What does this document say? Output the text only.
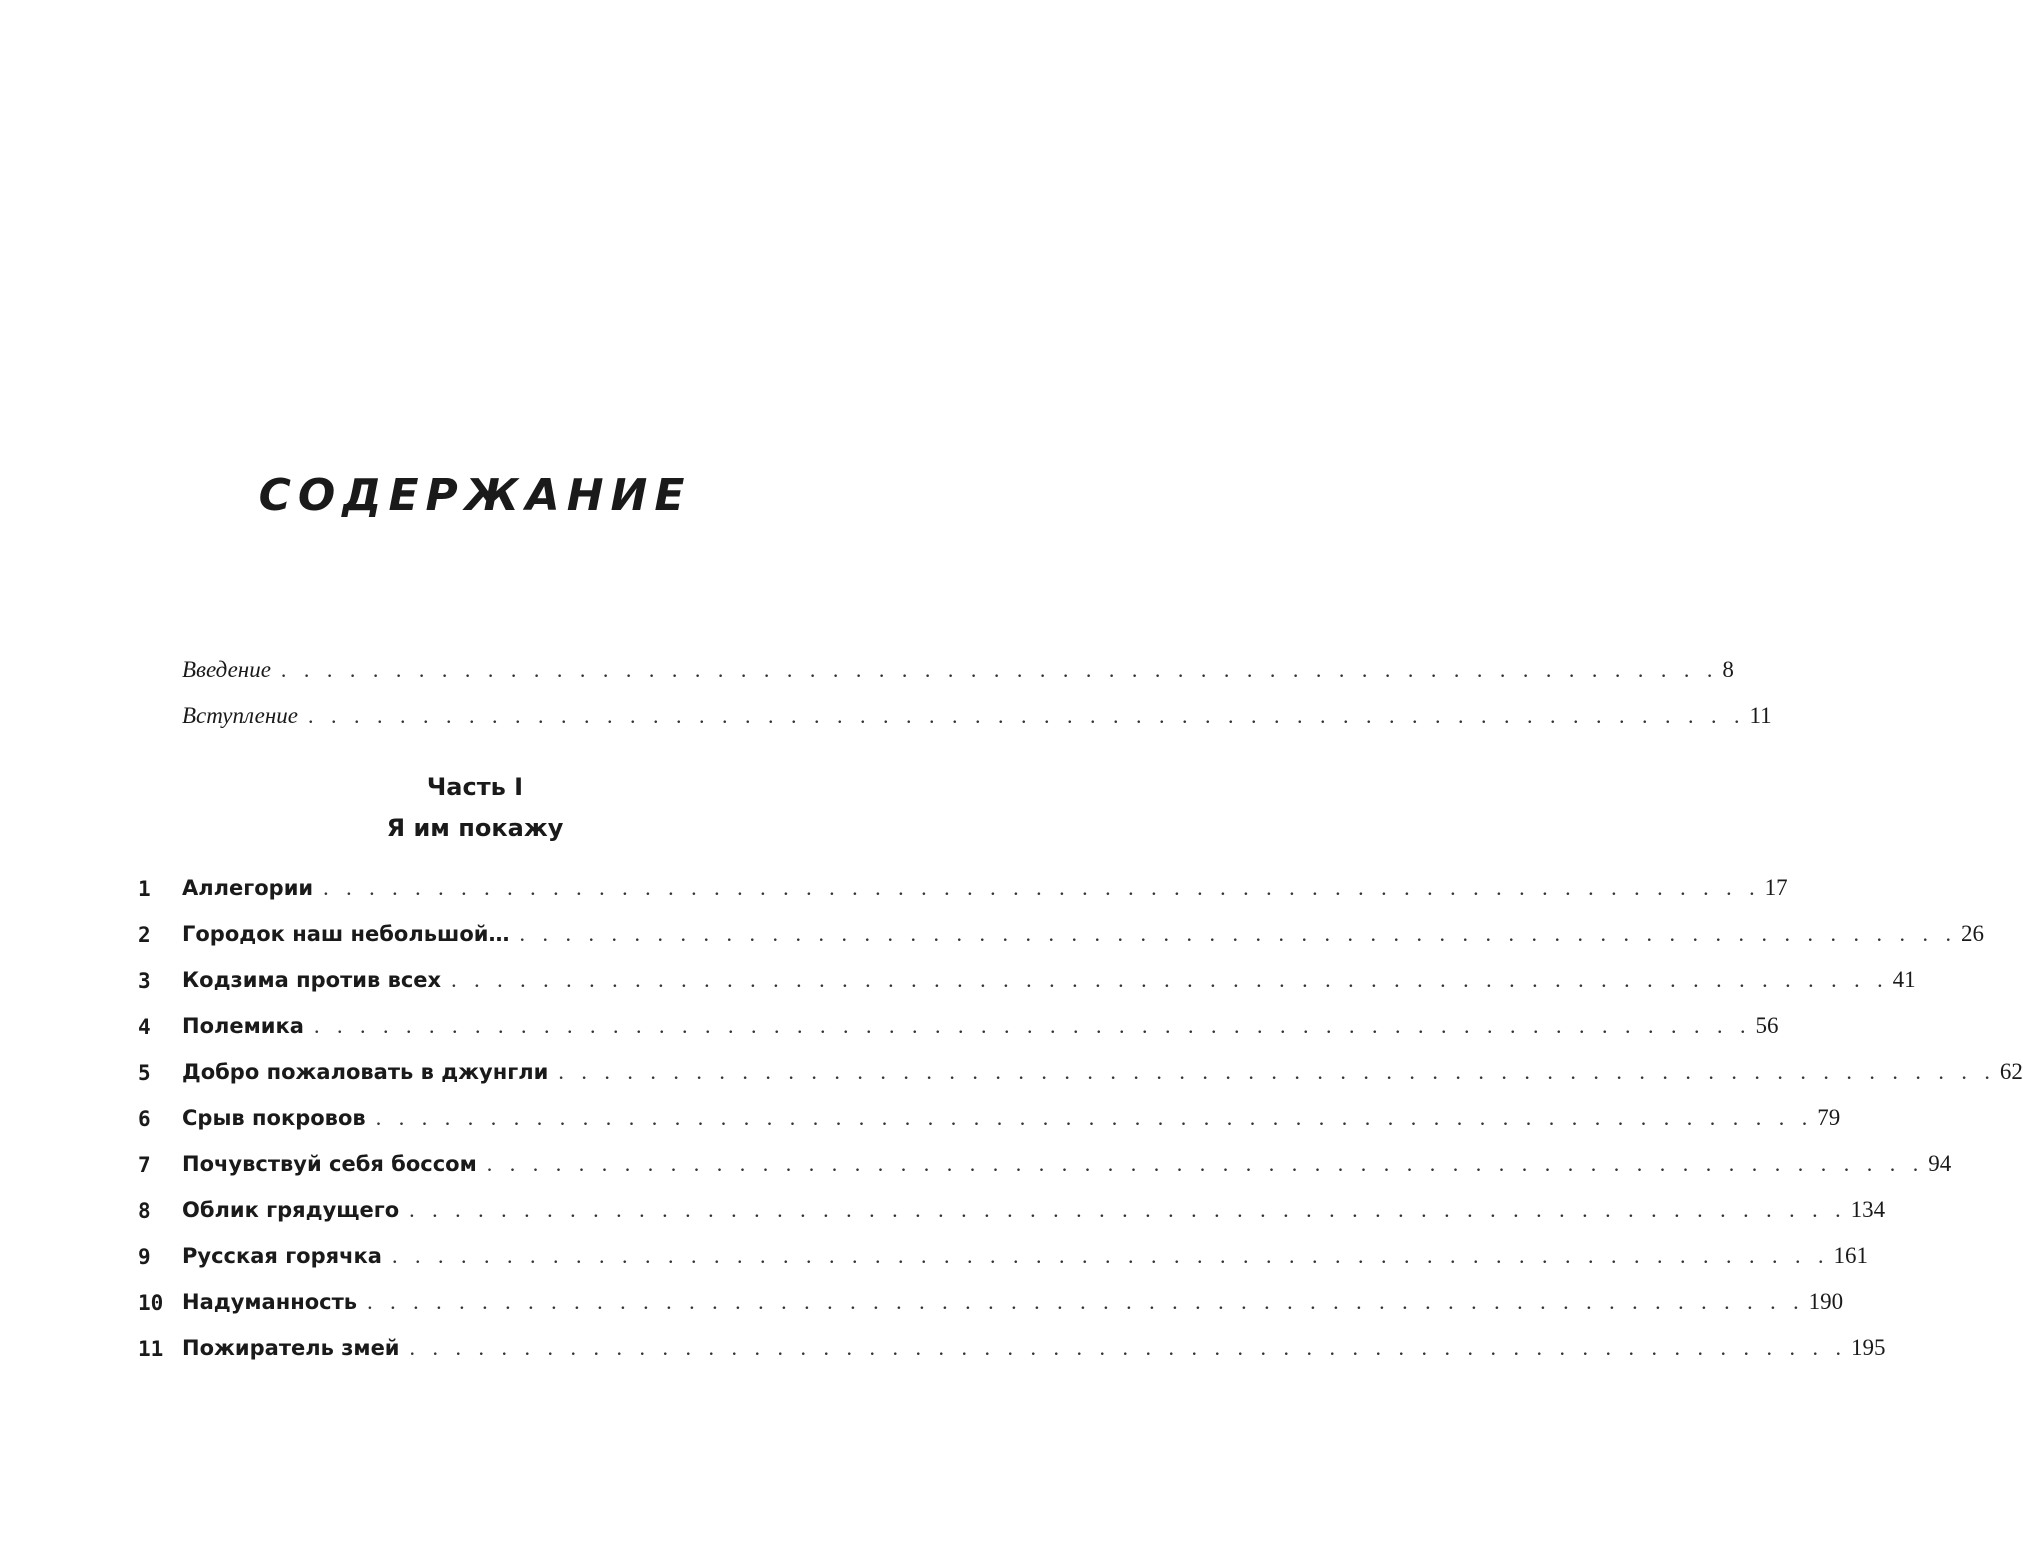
СОДЕРЖАНИЕ
Введение . . . . . . . . . . . . . . . . . . . . . . . . . . . . . . . . . . . . . . . . . . . . . . . . . . . . . . . . . . . . . . . 8
Вступление . . . . . . . . . . . . . . . . . . . . . . . . . . . . . . . . . . . . . . . . . . . . . . . . . . . . . . . . . . . . . . . 11
Часть I
Я им покажу
1	Аллегории . . . . . . . . . . . . . . . . . . . . . . . . . . . . . . . . . . . . . . . . . . . . . . . . . . . . . . . . . . . . . . . 17
2	Городок наш небольшой… . . . . . . . . . . . . . . . . . . . . . . . . . . . . . . . . . . . . . . . . . . . . . . . . . . . . . . . . . . . . . . . 26
3	Кодзима против всех . . . . . . . . . . . . . . . . . . . . . . . . . . . . . . . . . . . . . . . . . . . . . . . . . . . . . . . . . . . . . . . 41
4	Полемика . . . . . . . . . . . . . . . . . . . . . . . . . . . . . . . . . . . . . . . . . . . . . . . . . . . . . . . . . . . . . . . 56
5	Добро пожаловать в джунгли . . . . . . . . . . . . . . . . . . . . . . . . . . . . . . . . . . . . . . . . . . . . . . . . . . . . . . . . . . . . . . . 62
6	Срыв покровов . . . . . . . . . . . . . . . . . . . . . . . . . . . . . . . . . . . . . . . . . . . . . . . . . . . . . . . . . . . . . . . 79
7	Почувствуй себя боссом . . . . . . . . . . . . . . . . . . . . . . . . . . . . . . . . . . . . . . . . . . . . . . . . . . . . . . . . . . . . . . . 94
8	Облик грядущего . . . . . . . . . . . . . . . . . . . . . . . . . . . . . . . . . . . . . . . . . . . . . . . . . . . . . . . . . . . . . . . 134
9	Русская горячка . . . . . . . . . . . . . . . . . . . . . . . . . . . . . . . . . . . . . . . . . . . . . . . . . . . . . . . . . . . . . . . 161
10 Надуманность . . . . . . . . . . . . . . . . . . . . . . . . . . . . . . . . . . . . . . . . . . . . . . . . . . . . . . . . . . . . . . . 190
11 Пожиратель змей . . . . . . . . . . . . . . . . . . . . . . . . . . . . . . . . . . . . . . . . . . . . . . . . . . . . . . . . . . . . . . . 195
